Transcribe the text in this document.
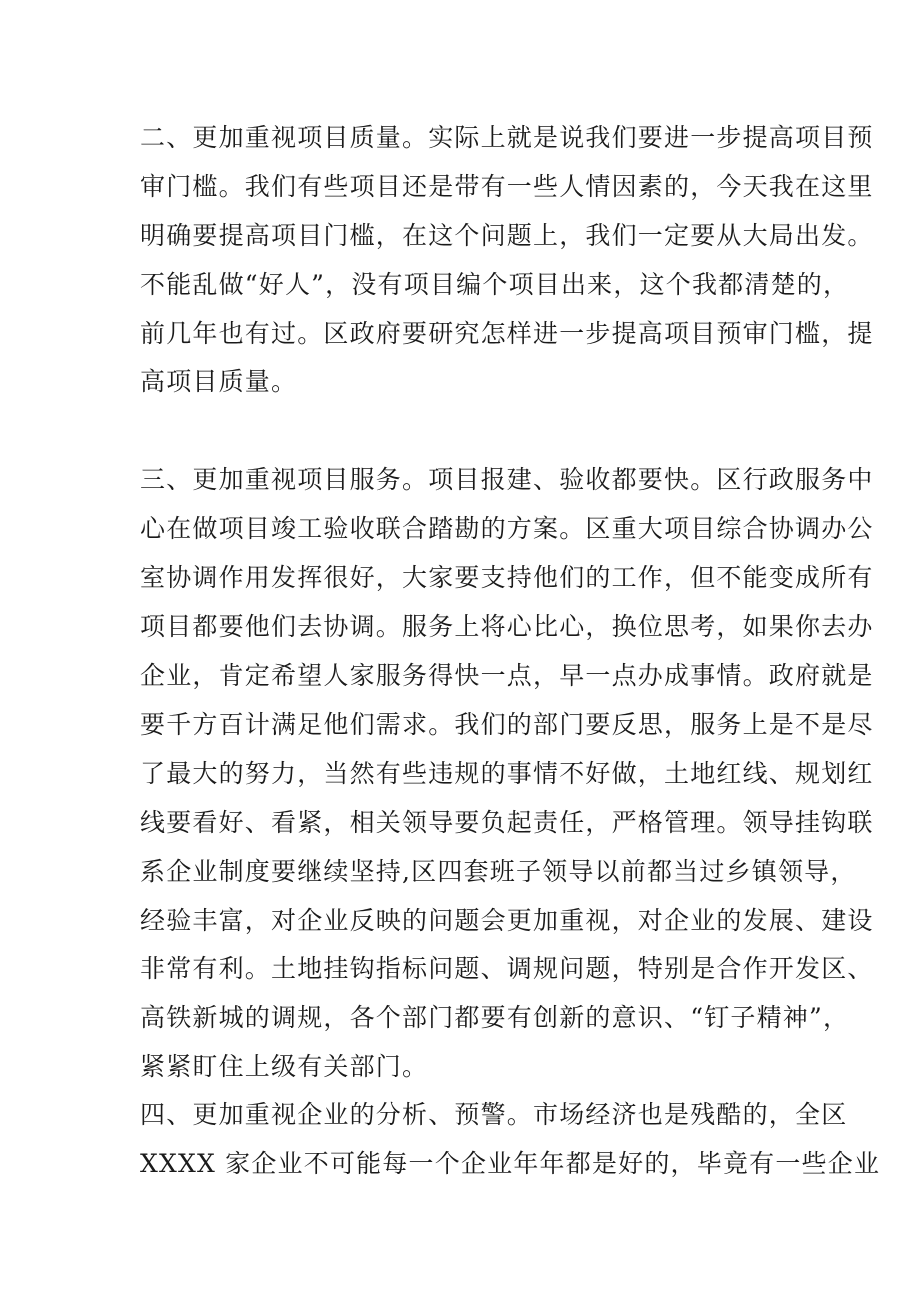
二、更加重视项目质量。实际上就是说我们要进一步提高项目预
审门槛。我们有些项目还是带有一些人情因素的，今天我在这里
明确要提高项目门槛，在这个问题上，我们一定要从大局出发。
不能乱做“好人”，没有项目编个项目出来，这个我都清楚的，
前几年也有过。区政府要研究怎样进一步提高项目预审门槛，提
高项目质量。
三、更加重视项目服务。项目报建、验收都要快。区行政服务中
心在做项目竣工验收联合踏勘的方案。区重大项目综合协调办公
室协调作用发挥很好，大家要支持他们的工作，但不能变成所有
项目都要他们去协调。服务上将心比心，换位思考，如果你去办
企业，肯定希望人家服务得快一点，早一点办成事情。政府就是
要千方百计满足他们需求。我们的部门要反思，服务上是不是尽
了最大的努力，当然有些违规的事情不好做，土地红线、规划红
线要看好、看紧，相关领导要负起责任，严格管理。领导挂钩联
系企业制度要继续坚持,区四套班子领导以前都当过乡镇领导，
经验丰富，对企业反映的问题会更加重视，对企业的发展、建设
非常有利。土地挂钩指标问题、调规问题，特别是合作开发区、
高铁新城的调规，各个部门都要有创新的意识、“钉子精神”，
紧紧盯住上级有关部门。
四、更加重视企业的分析、预警。市场经济也是残酷的，全区
XXXX 家企业不可能每一个企业年年都是好的，毕竟有一些企业
